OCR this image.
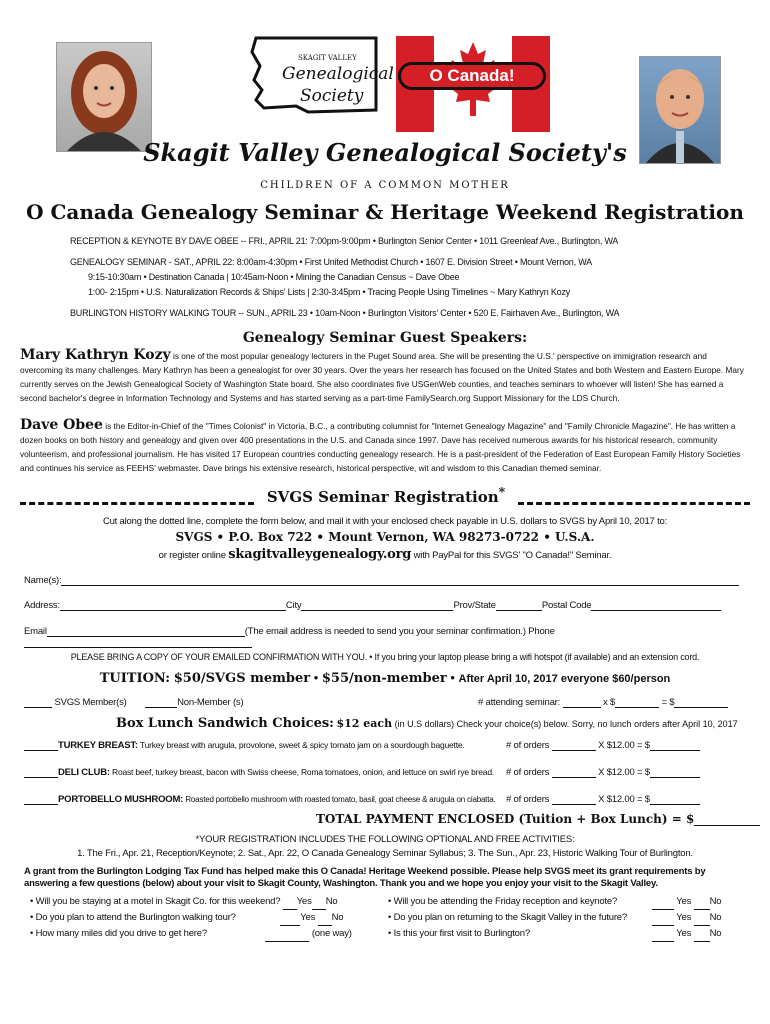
SKAGIT VALLEY
Genealogical
Society
O Canada!
Skagit Valley Genealogical Society's
CHILDREN OF A COMMON MOTHER
O Canada Genealogy Seminar & Heritage Weekend Registration
RECEPTION & KEYNOTE BY DAVE OBEE -- FRI., APRIL 21: 7:00pm-9:00pm • Burlington Senior Center • 1011 Greenleaf Ave., Burlington, WA
GENEALOGY SEMINAR - SAT., APRIL 22: 8:00am-4:30pm • First United Methodist Church • 1607 E. Division Street • Mount Vernon, WA
9:15-10:30am • Destination Canada | 10:45am-Noon • Mining the Canadian Census ~ Dave Obee
1:00- 2:15pm • U.S. Naturalization Records & Ships' Lists | 2:30-3:45pm • Tracing People Using Timelines ~ Mary Kathryn Kozy
BURLINGTON HISTORY WALKING TOUR -- SUN., APRIL 23 • 10am-Noon • Burlington Visitors' Center • 520 E. Fairhaven Ave., Burlington, WA
Genealogy Seminar Guest Speakers:
Mary Kathryn Kozy is one of the most popular genealogy lecturers in the Puget Sound area. She will be presenting the U.S.' perspective on immigration research and overcoming its many challenges. Mary Kathryn has been a genealogist for over 30 years. Over the years her research has focused on the United States and both Western and Eastern Europe. Mary currently serves on the Jewish Genealogical Society of Washington State board. She also coordinates five USGenWeb counties, and teaches seminars to whoever will listen! She has earned a second bachelor's degree in Information Technology and Systems and has started serving as a part-time FamilySearch.org Support Missionary for the LDS Church.
Dave Obee is the Editor-in-Chief of the "Times Colonist" in Victoria, B.C., a contributing columnist for "Internet Genealogy Magazine" and "Family Chronicle Magazine". He has written a dozen books on both history and genealogy and given over 400 presentations in the U.S. and Canada since 1997. Dave has received numerous awards for his historical research, community volunteerism, and professional journalism. He has visited 17 European countries conducting genealogy research. He is a past-president of the Federation of East European Family History Societies and continues his service as FEEHS' webmaster. Dave brings his extensive research, historical perspective, wit and wisdom to this Canadian themed seminar.
SVGS Seminar Registration*
Cut along the dotted line, complete the form below, and mail it with your enclosed check payable in U.S. dollars to SVGS by April 10, 2017 to:
SVGS • P.O. Box 722 • Mount Vernon, WA 98273-0722 • U.S.A.
or register online skagitvalleygenealogy.org with PayPal for this SVGS' "O Canada!" Seminar.
Name(s):
Address:	City	Prov/State	Postal Code
Email	(The email address is needed to send you your seminar confirmation.) Phone
PLEASE BRING A COPY OF YOUR EMAILED CONFIRMATION WITH YOU. • If you bring your laptop please bring a wifi hotspot (if available) and an extension cord.
TUITION: $50/SVGS member • $55/non-member • After April 10, 2017 everyone $60/person
SVGS Member(s)	Non-Member (s)	# attending seminar:	x $	= $
Box Lunch Sandwich Choices: $12 each (in U.S dollars) Check your choice(s) below. Sorry, no lunch orders after April 10, 2017
TURKEY BREAST: Turkey breast with arugula, provolone, sweet & spicy tomato jam on a sourdough baguette.	# of orders	X $12.00 = $
DELI CLUB: Roast beef, turkey breast, bacon with Swiss cheese, Roma tomatoes, onion, and lettuce on swirl rye bread. # of orders	X $12.00 = $
PORTOBELLO MUSHROOM: Roasted portobello mushroom with roasted tomato, basil, goat cheese & arugula on ciabatta. # of orders	X $12.00 = $
TOTAL PAYMENT ENCLOSED (Tuition + Box Lunch) = $
*YOUR REGISTRATION INCLUDES THE FOLLOWING OPTIONAL AND FREE ACTIVITIES:
1. The Fri., Apr. 21, Reception/Keynote; 2. Sat., Apr. 22, O Canada Genealogy Seminar Syllabus; 3. The Sun., Apr. 23, Historic Walking Tour of Burlington.
A grant from the Burlington Lodging Tax Fund has helped make this O Canada! Heritage Weekend possible. Please help SVGS meet its grant requirements by answering a few questions (below) about your visit to Skagit County, Washington. Thank you and we hope you enjoy your visit to the Skagit Valley.
• Will you be staying at a motel in Skagit Co. for this weekend? Yes No
• Do you plan to attend the Burlington walking tour?	Yes No
• How many miles did you drive to get here?	(one way)
• Will you be attending the Friday reception and keynote?	Yes No
• Do you plan on returning to the Skagit Valley in the future?	Yes No
• Is this your first visit to Burlington?	Yes No
